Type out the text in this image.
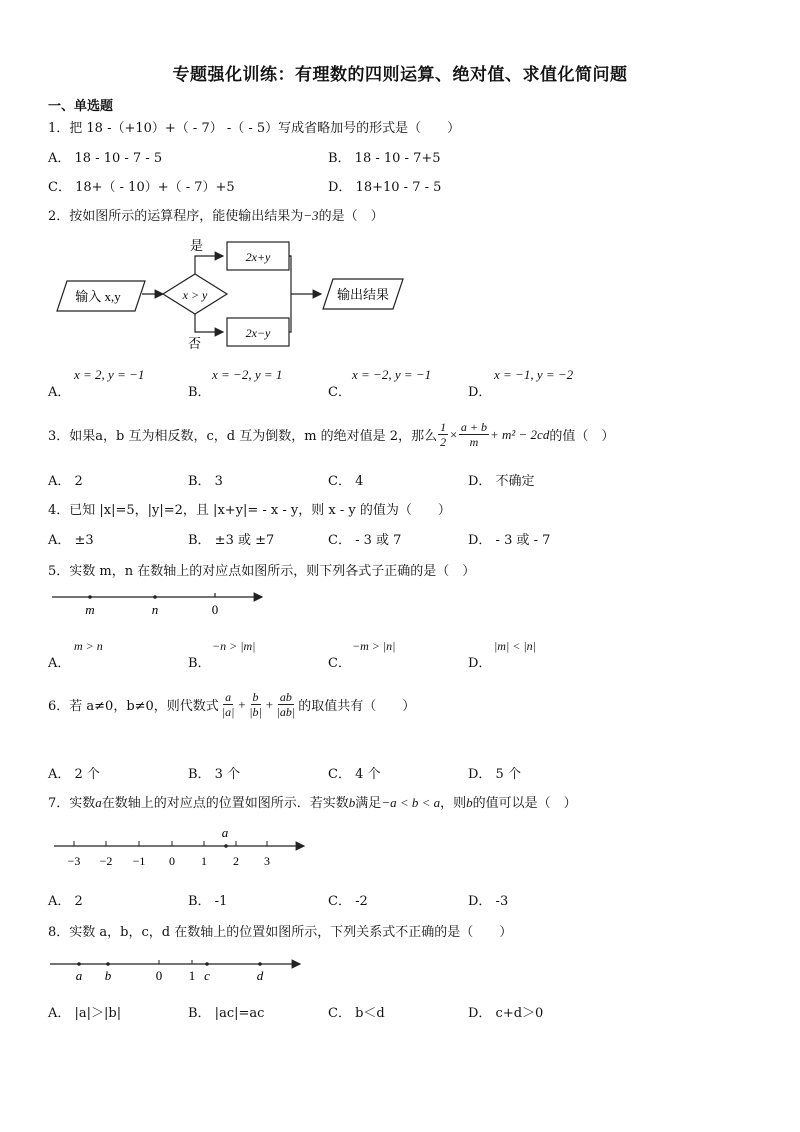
专题强化训练：有理数的四则运算、绝对值、求值化简问题
一、单选题
1．把 18 -（+10）+（ - 7） -（ - 5）写成省略加号的形式是（　　）
A． 18 - 10 - 7 - 5	B． 18 - 10 - 7+5
C． 18+（ - 10）+（ - 7）+5	D． 18+10 - 7 - 5
2．按如图所示的运算程序，能使输出结果为−3的是（　）
输入 x,y	x > y
是
2x+y
否
2x−y
输出结果
A．
x = 2, y = −1
B．
x = −2, y = 1
C．
x = −2, y = −1
D．
x = −1, y = −2
3．如果a，b 互为相反数，c，d 互为倒数，m 的绝对值是 2，那么 $\frac{1}{2} \times \frac{a + b}{m} + m^2 - 2cd$ 的值（　）
A． 2	B． 3	C． 4	D． 不确定
4．已知 |x|=5，|y|=2，且 |x+y|= - x - y，则 x - y 的值为（　　）
A． ±3	B． ±3 或 ±7	C． - 3 或 7	D． - 3 或 - 7
5．实数 m，n 在数轴上的对应点如图所示，则下列各式子正确的是（　）
m	n	0
A．
m > n
B．
−n > |m|
C．
−m > |n|
D．
|m| < |n|
6．若 a≠0，b≠0，则代数式 $\frac{a}{|a|} + \frac{b}{|b|} + \frac{ab}{|ab|}$ 的取值共有（　　）
A． 2 个	B． 3 个	C． 4 个	D． 5 个
7．实数a在数轴上的对应点的位置如图所示．若实数b满足−a < b < a，则b的值可以是（　）
a
−3 −2 −1 0 1 2 3
A． 2	B． -1	C． -2	D． -3
8．实数 a，b，c，d 在数轴上的位置如图所示，下列关系式不正确的是（　　）
a b	0 1 c	d
A． |a|＞|b|	B． |ac|=ac	C． b＜d	D． c+d＞0
